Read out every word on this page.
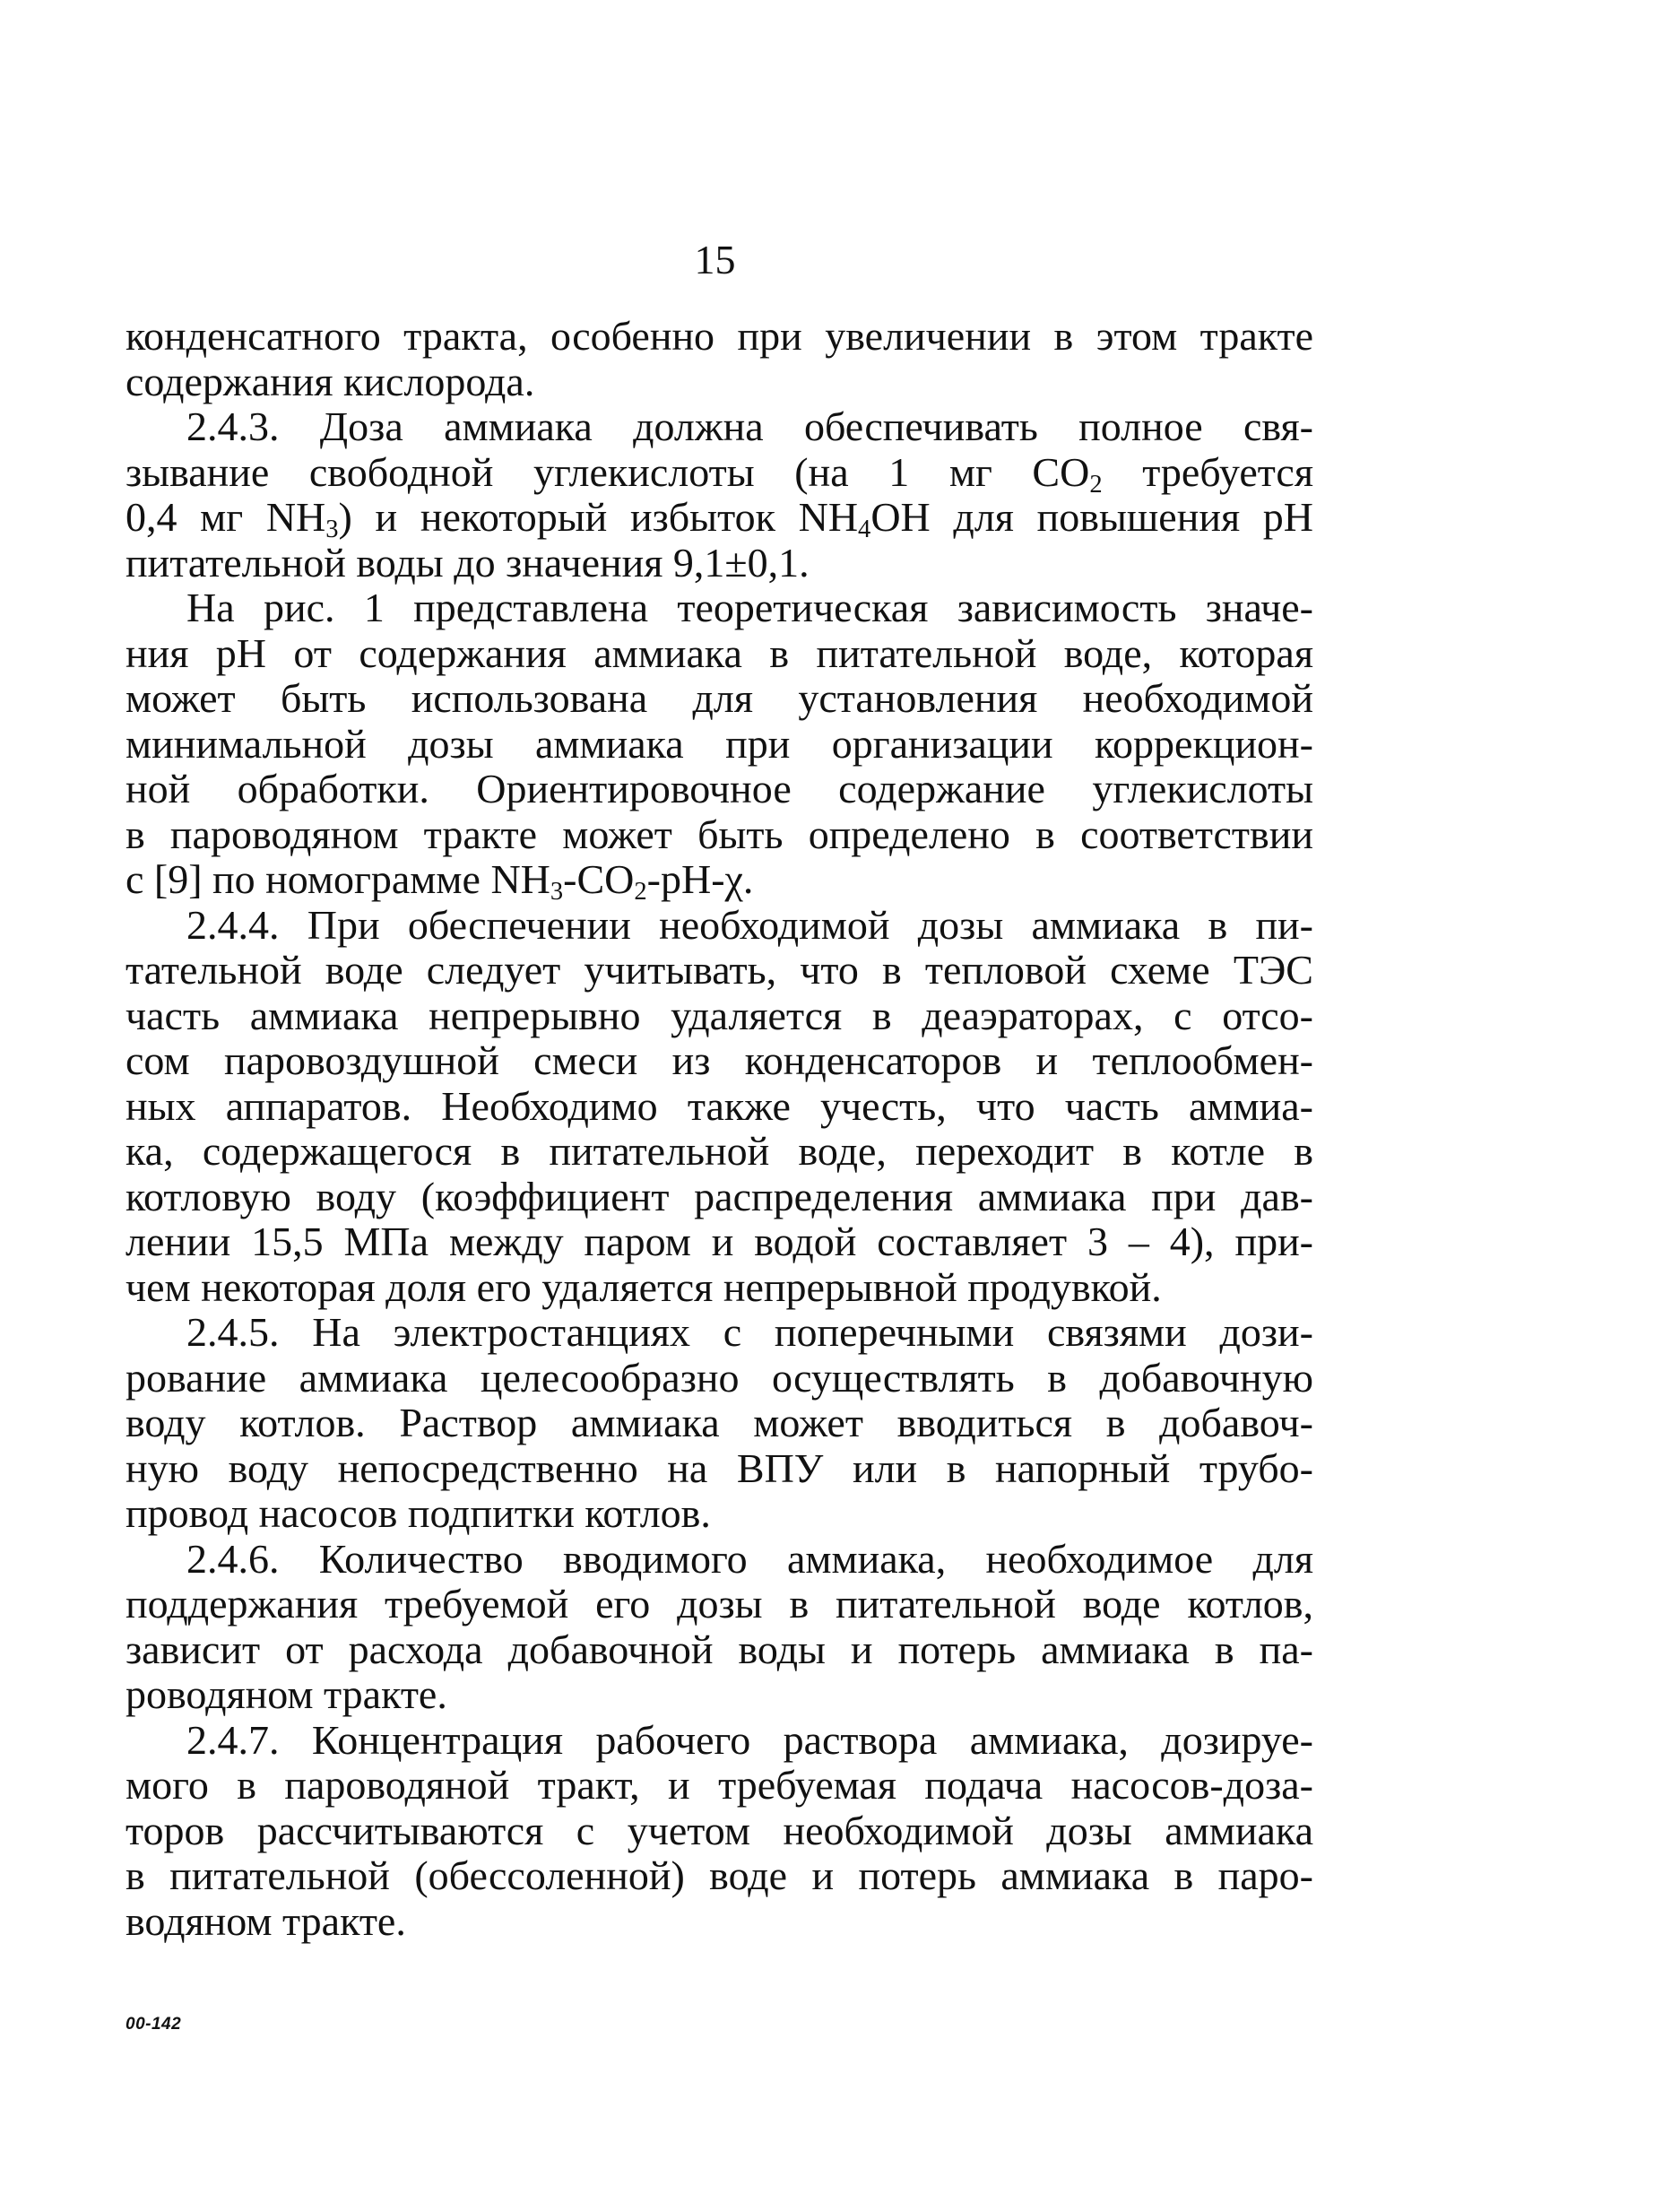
15
конденсатного тракта, особенно при увеличении в этом тракте
содержания кислорода.
2.4.3. Доза аммиака должна обеспечивать полное свя-
зывание свободной углекислоты (на 1 мг $CO_2$ требуется
0,4 мг $NH_3$) и некоторый избыток $NH_4OH$ для повышения pH
питательной воды до значения 9,1±0,1.
На рис. 1 представлена теоретическая зависимость значе-
ния pH от содержания аммиака в питательной воде, которая
может быть использована для установления необходимой
минимальной дозы аммиака при организации коррекцион-
ной обработки. Ориентировочное содержание углекислоты
в пароводяном тракте может быть определено в соответствии
с [9] по номограмме $NH_3-CO_2-pH-\chi$.
2.4.4. При обеспечении необходимой дозы аммиака в пи-
тательной воде следует учитывать, что в тепловой схеме ТЭС
часть аммиака непрерывно удаляется в деаэраторах, с отсо-
сом паровоздушной смеси из конденсаторов и теплообмен-
ных аппаратов. Необходимо также учесть, что часть аммиа-
ка, содержащегося в питательной воде, переходит в котле в
котловую воду (коэффициент распределения аммиака при дав-
лении 15,5 МПа между паром и водой составляет 3 – 4), при-
чем некоторая доля его удаляется непрерывной продувкой.
2.4.5. На электростанциях с поперечными связями дози-
рование аммиака целесообразно осуществлять в добавочную
воду котлов. Раствор аммиака может вводиться в добавоч-
ную воду непосредственно на ВПУ или в напорный трубо-
провод насосов подпитки котлов.
2.4.6. Количество вводимого аммиака, необходимое для
поддержания требуемой его дозы в питательной воде котлов,
зависит от расхода добавочной воды и потерь аммиака в па-
роводяном тракте.
2.4.7. Концентрация рабочего раствора аммиака, дозируе-
мого в пароводяной тракт, и требуемая подача насосов-доза-
торов рассчитываются с учетом необходимой дозы аммиака
в питательной (обессоленной) воде и потерь аммиака в паро-
водяном тракте.
00-142
